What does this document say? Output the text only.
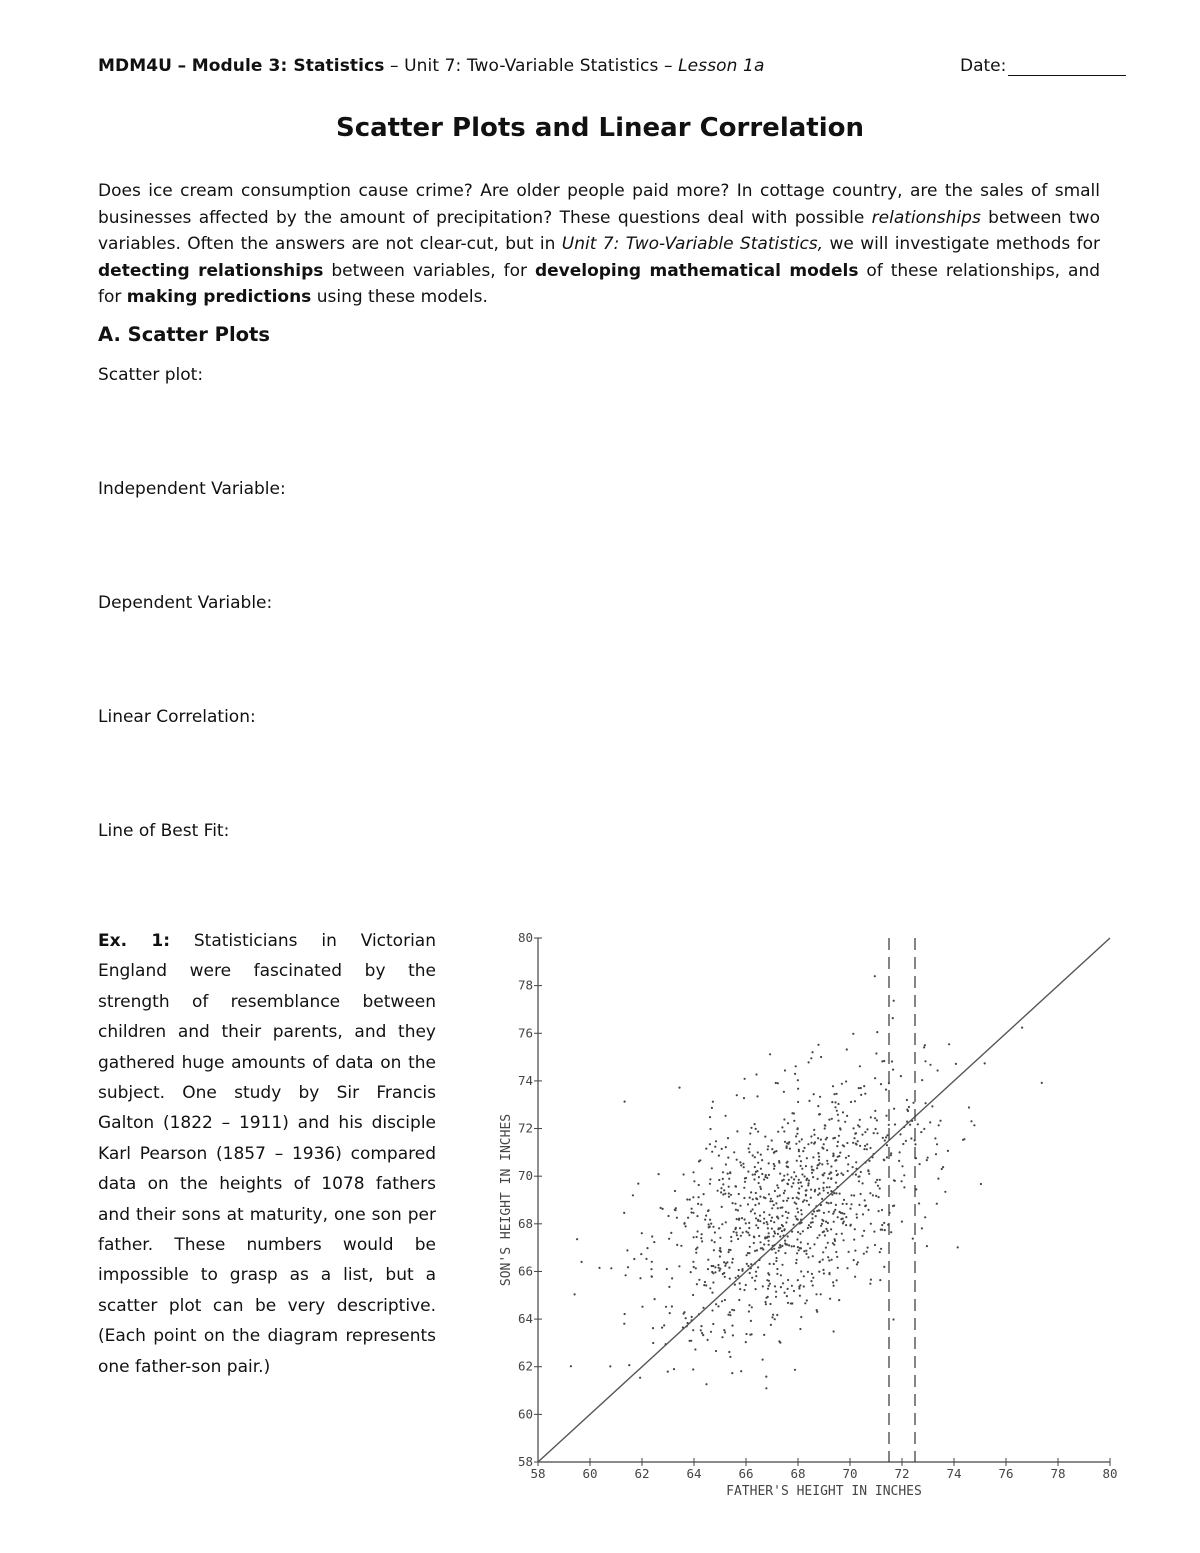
MDM4U – Module 3: Statistics – Unit 7: Two-Variable Statistics – Lesson 1a	Date:
Scatter Plots and Linear Correlation
Does ice cream consumption cause crime? Are older people paid more? In cottage country, are the sales of small businesses affected by the amount of precipitation? These questions deal with possible relationships between two variables. Often the answers are not clear-cut, but in Unit 7: Two-Variable Statistics, we will investigate methods for detecting relationships between variables, for developing mathematical models of these relationships, and for making predictions using these models.
A. Scatter Plots
Scatter plot:
Independent Variable:
Dependent Variable:
Linear Correlation:
Line of Best Fit:
Ex. 1: Statisticians in Victorian England were fascinated by the strength of resemblance between children and their parents, and they gathered huge amounts of data on the subject. One study by Sir Francis Galton (1822 – 1911) and his disciple Karl Pearson (1857 – 1936) compared data on the heights of 1078 fathers and their sons at maturity, one son per father. These numbers would be impossible to grasp as a list, but a scatter plot can be very descriptive. (Each point on the diagram represents one father-son pair.)
58	60	62	64	66	68	70	72	74	76	78	80
58
60
62
64
66
68
70
72
74
76
78
80
FATHER'S HEIGHT IN INCHES
SON'S HEIGHT IN INCHES
